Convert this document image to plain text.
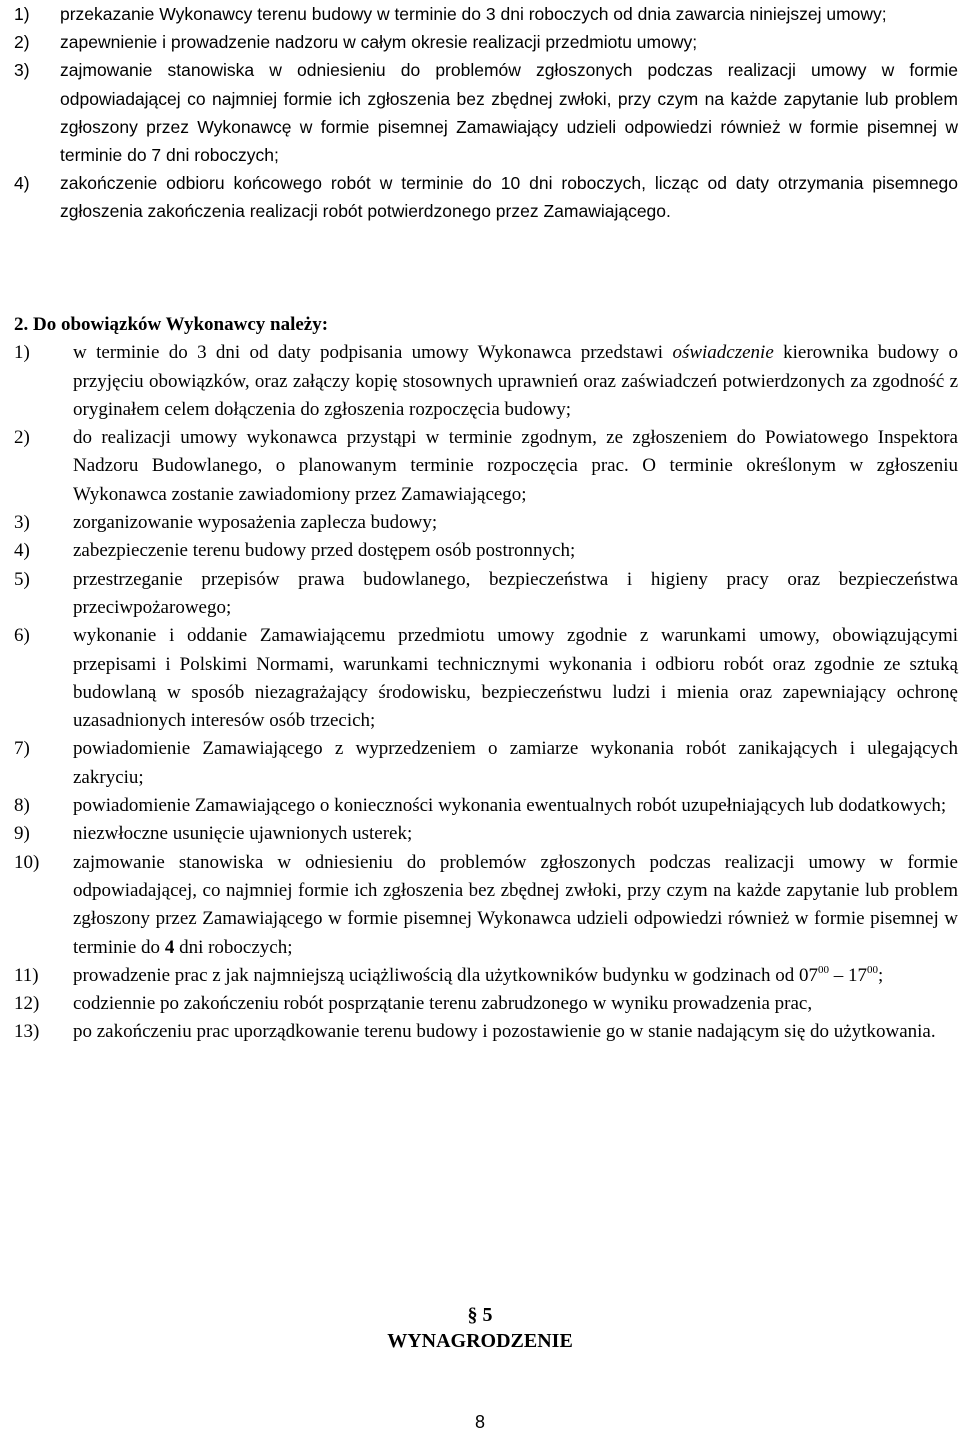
1) przekazanie Wykonawcy terenu budowy w terminie do 3 dni roboczych od dnia zawarcia niniejszej umowy;
2) zapewnienie i prowadzenie nadzoru w całym okresie realizacji przedmiotu umowy;
3) zajmowanie stanowiska w odniesieniu do problemów zgłoszonych podczas realizacji umowy w formie odpowiadającej co najmniej formie ich zgłoszenia bez zbędnej zwłoki, przy czym na każde zapytanie lub problem zgłoszony przez Wykonawcę w formie pisemnej Zamawiający udzieli odpowiedzi również w formie pisemnej w terminie do 7 dni roboczych;
4) zakończenie odbioru końcowego robót w terminie do 10 dni roboczych, licząc od daty otrzymania pisemnego zgłoszenia zakończenia realizacji robót potwierdzonego przez Zamawiającego.
2. Do obowiązków Wykonawcy należy:
1) w terminie do 3 dni od daty podpisania umowy Wykonawca przedstawi oświadczenie kierownika budowy o przyjęciu obowiązków, oraz załączy kopię stosownych uprawnień oraz zaświadczeń potwierdzonych za zgodność z oryginałem celem dołączenia do zgłoszenia rozpoczęcia budowy;
2) do realizacji umowy wykonawca przystąpi w terminie zgodnym, ze zgłoszeniem do Powiatowego Inspektora Nadzoru Budowlanego, o planowanym terminie rozpoczęcia prac. O terminie określonym w zgłoszeniu Wykonawca zostanie zawiadomiony przez Zamawiającego;
3) zorganizowanie wyposażenia zaplecza budowy;
4) zabezpieczenie terenu budowy przed dostępem osób postronnych;
5) przestrzeganie przepisów prawa budowlanego, bezpieczeństwa i higieny pracy oraz bezpieczeństwa przeciwpożarowego;
6) wykonanie i oddanie Zamawiającemu przedmiotu umowy zgodnie z warunkami umowy, obowiązującymi przepisami i Polskimi Normami, warunkami technicznymi wykonania i odbioru robót oraz zgodnie ze sztuką budowlaną w sposób niezagrażający środowisku, bezpieczeństwu ludzi i mienia oraz zapewniający ochronę uzasadnionych interesów osób trzecich;
7) powiadomienie Zamawiającego z wyprzedzeniem o zamiarze wykonania robót zanikających i ulegających zakryciu;
8) powiadomienie Zamawiającego o konieczności wykonania ewentualnych robót uzupełniających lub dodatkowych;
9) niezwłoczne usunięcie ujawnionych usterek;
10) zajmowanie stanowiska w odniesieniu do problemów zgłoszonych podczas realizacji umowy w formie odpowiadającej, co najmniej formie ich zgłoszenia bez zbędnej zwłoki, przy czym na każde zapytanie lub problem zgłoszony przez Zamawiającego w formie pisemnej Wykonawca udzieli odpowiedzi również w formie pisemnej w terminie do 4 dni roboczych;
11) prowadzenie prac z jak najmniejszą uciążliwością dla użytkowników budynku w godzinach od $07^{00} - 17^{00}$;
12) codziennie po zakończeniu robót posprzątanie terenu zabrudzonego w wyniku prowadzenia prac,
13) po zakończeniu prac uporządkowanie terenu budowy i pozostawienie go w stanie nadającym się do użytkowania.
§ 5
WYNAGRODZENIE
8
